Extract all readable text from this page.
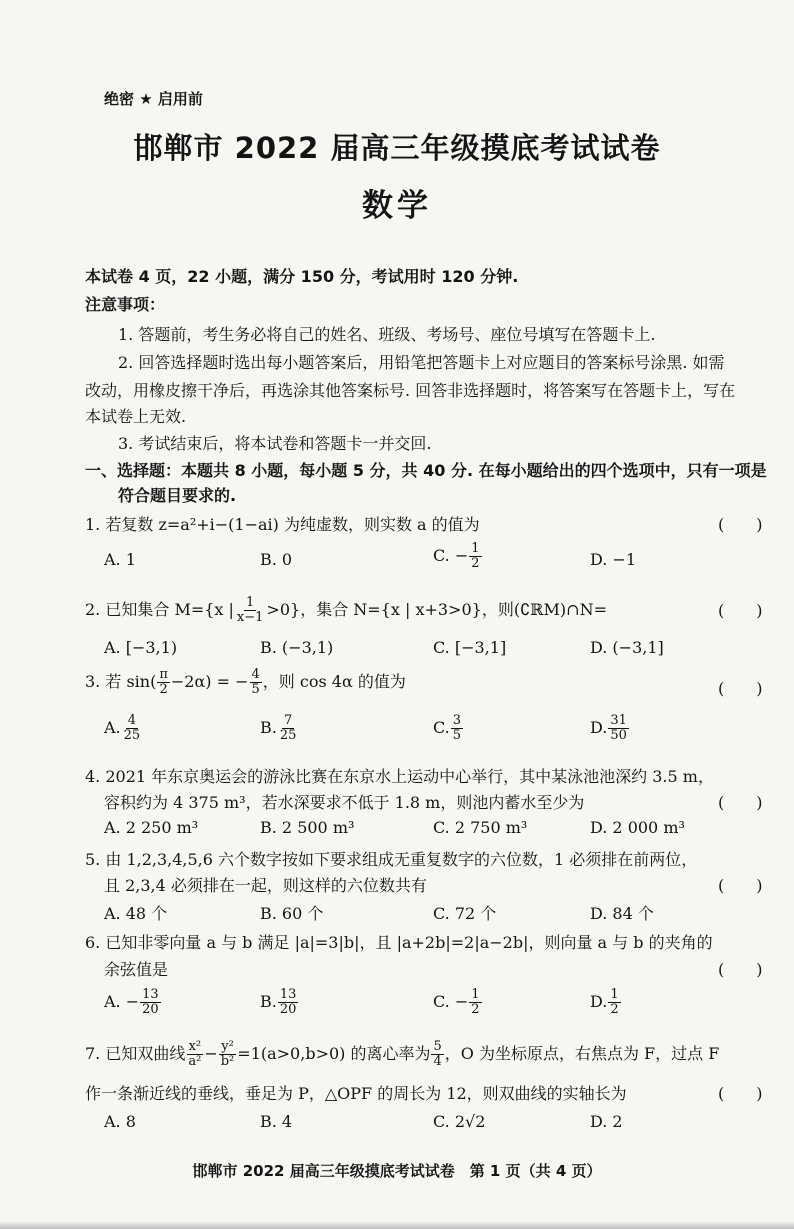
绝密 ★ 启用前
邯郸市 2022 届高三年级摸底考试试卷
数学
本试卷 4 页，22 小题，满分 150 分，考试用时 120 分钟.
注意事项：
1. 答题前，考生务必将自己的姓名、班级、考场号、座位号填写在答题卡上.
2. 回答选择题时选出每小题答案后，用铅笔把答题卡上对应题目的答案标号涂黑. 如需
改动，用橡皮擦干净后，再选涂其他答案标号. 回答非选择题时，将答案写在答题卡上，写在
本试卷上无效.
3. 考试结束后，将本试卷和答题卡一并交回.
一、选择题：本题共 8 小题，每小题 5 分，共 40 分. 在每小题给出的四个选项中，只有一项是
符合题目要求的.
1. 若复数 z=a²+i−(1−ai) 为纯虚数，则实数 a 的值为	(　　)
A. 1	B. 0	C. − $\frac{1}{2}$	D. −1
2. 已知集合 M={x | $\frac{1}{x-1} >0$}，集合 N={x | x+3>0}，则(∁ℝM)∩N=	(　　)
A. [−3,1)	B. (−3,1)	C. [−3,1]	D. (−3,1]
3. 若 $\sin( \frac{\pi}{2} -2\alpha)$ = − $\frac{4}{5}$ ，则 cos 4α 的值为	(　　)
A. $\frac{4}{25}$	B. $\frac{7}{25}$	C. $\frac{3}{5}$	D. $\frac{31}{50}$
4. 2021 年东京奥运会的游泳比赛在东京水上运动中心举行，其中某泳池池深约 3.5 m，
容积约为 4 375 m³，若水深要求不低于 1.8 m，则池内蓄水至少为	(　　)
A. 2 250 m³	B. 2 500 m³	C. 2 750 m³	D. 2 000 m³
5. 由 1,2,3,4,5,6 六个数字按如下要求组成无重复数字的六位数，1 必须排在前两位，
且 2,3,4 必须排在一起，则这样的六位数共有	(　　)
A. 48 个	B. 60 个	C. 72 个	D. 84 个
6. 已知非零向量 a 与 b 满足 |a|=3|b|，且 |a+2b|=2|a−2b|，则向量 a 与 b 的夹角的
余弦值是	(　　)
A. − $\frac{13}{20}$	B. $\frac{13}{20}$	C. − $\frac{1}{2}$	D. $\frac{1}{2}$
7. 已知双曲线 $\frac{\text{x²}}{\text{a²}} - \frac{\text{y²}}{\text{b²}} =1(a>0,b>0)$ 的离心率为 $\frac{5}{4}$ ，O 为坐标原点，右焦点为 F，过点 F
作一条渐近线的垂线，垂足为 P，△OPF 的周长为 12，则双曲线的实轴长为	(　　)
A. 8	B. 4	C. 2√2	D. 2
邯郸市 2022 届高三年级摸底考试试卷　第 1 页（共 4 页）
